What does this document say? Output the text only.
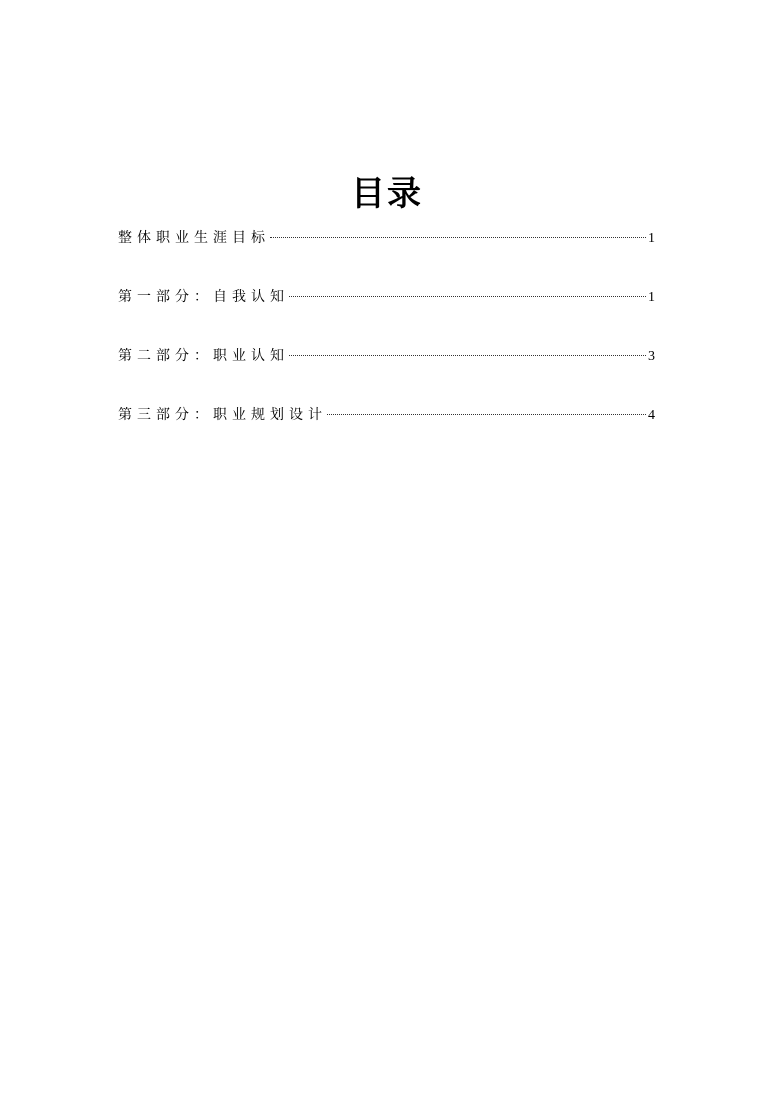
目录
整体职业生涯目标	1
第一部分：自我认知	1
第二部分：职业认知	3
第三部分：职业规划设计	4
